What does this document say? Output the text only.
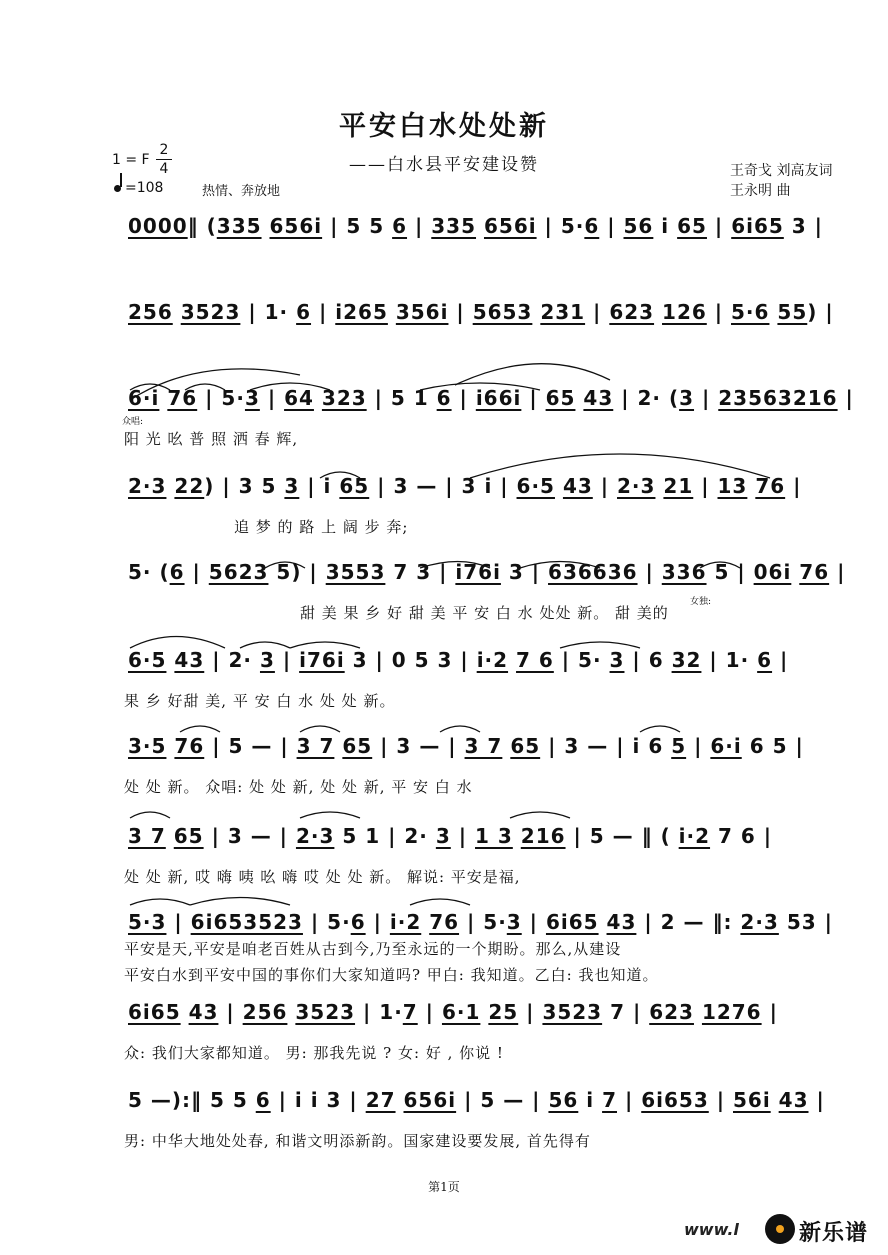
平安白水处处新
——白水县平安建设赞
1 = F
2
4
=108	热情、奔放地
王奇戈 刘高友词
王永明 曲
0000‖ (335 656i | 5 5 6 | 335 656i | 5·6 | 56 i 65 | 6i65 3 |
256 3523 | 1· 6 | i265 356i | 5653 231 | 623 126 | 5·6 55) |
6·i 76 | 5·3 | 64 323 | 5 1 6 | i66i | 65 43 | 2· (3 | 23563216 |
众唱:
阳 光 吆 普 照 洒 春 辉,
2·3 22) | 3 5 3 | i 65 | 3 — | 3 i | 6·5 43 | 2·3 21 | 13 76 |
追 梦 的 路 上 阔 步 奔;
5· (6 | 5623 5) | 3553 7 3 | i76i 3 | 636636 | 336 5 | 06i 76 |
女独:
甜 美 果 乡 好 甜 美 平 安 白 水 处处 新。 甜 美的
6·5 43 | 2· 3 | i76i 3 | 0 5 3 | i·2 7 6 | 5· 3 | 6 32 | 1· 6 |
果 乡 好甜 美, 平 安 白 水 处 处 新。
3·5 76 | 5 — | 3 7 65 | 3 — | 3 7 65 | 3 — | i 6 5 | 6·i 6 5 |
处 处 新。 众唱: 处 处 新, 处 处 新, 平 安 白 水
3 7 65 | 3 — | 2·3 5 1 | 2· 3 | 1 3 216 | 5 — ‖ ( i·2 7 6 |
处 处 新, 哎 嗨 咦 吆 嗨 哎 处 处 新。 解说: 平安是福,
5·3 | 6i653523 | 5·6 | i·2 76 | 5·3 | 6i65 43 | 2 — ‖: 2·3 53 |
平安是天,平安是咱老百姓从古到今,乃至永远的一个期盼。那么,从建设
平安白水到平安中国的事你们大家知道吗? 甲白: 我知道。乙白: 我也知道。
6i65 43 | 256 3523 | 1·7 | 6·1 25 | 3523 7 | 623 1276 |
众: 我们大家都知道。 男: 那我先说 ? 女: 好 , 你说 !
5 —):‖ 5 5 6 | i i 3 | 27 656i | 5 — | 56 i 7 | 6i653 | 56i 43 |
男: 中华大地处处春, 和谐文明添新韵。国家建设要发展, 首先得有
第1页
www.l	新乐谱
